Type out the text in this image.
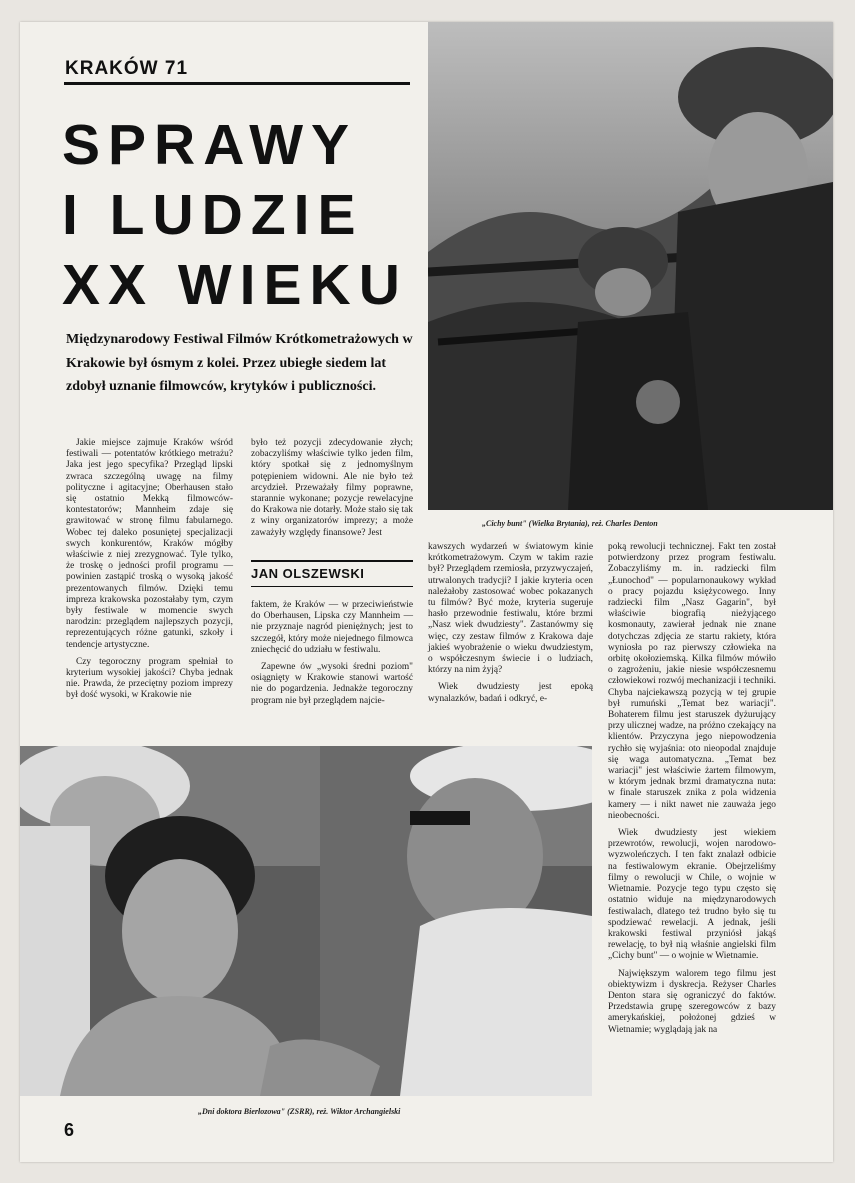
KRAKÓW 71
SPRAWY
I LUDZIE
XX WIEKU

Międzynarodowy Festiwal Filmów Krótkometrażowych w Krakowie był ósmym z kolei. Przez ubiegłe siedem lat zdobył uznanie filmowców, krytyków i publiczności.

„Cichy bunt" (Wielka Brytania), reż. Charles Denton

Jakie miejsce zajmuje Kraków wśród festiwali — potentatów krótkiego metrażu? Jaka jest jego specyfika? Przegląd lipski zwraca szczególną uwagę na filmy polityczne i agitacyjne; Oberhausen stało się ostatnio Mekką filmowców-kontestatorów; Mannheim zdaje się grawitować w stronę filmu fabularnego. Wobec tej daleko posuniętej specjalizacji swych konkurentów, Kraków mógłby właściwie z niej zrezygnować. Tyle tylko, że troskę o jedności profil programu — powinien zastąpić troską o wysoką jakość prezentowanych filmów. Dzięki temu impreza krakowska pozostałaby tym, czym były festiwale w momencie swych narodzin: przeglądem najlepszych pozycji, reprezentujących różne gatunki, szkoły i tendencje artystyczne.

Czy tegoroczny program spełniał to kryterium wysokiej jakości? Chyba jednak nie. Prawda, że przeciętny poziom imprezy był dość wysoki, w Krakowie nie

było też pozycji zdecydowanie złych; zobaczyliśmy właściwie tylko jeden film, który spotkał się z jednomyślnym potępieniem widowni. Ale nie było też arcydzieł. Przeważały filmy poprawne, starannie wykonane; pozycje rewelacyjne do Krakowa nie dotarły. Może stało się tak z winy organizatorów imprezy; a może zaważyły względy finansowe? Jest

JAN OLSZEWSKI

faktem, że Kraków — w przeciwieństwie do Oberhausen, Lipska czy Mannheim — nie przyznaje nagród pieniężnych; jest to szczegół, który może niejednego filmowca zniechęcić do udziału w festiwalu.

Zapewne ów „wysoki średni poziom" osiągnięty w Krakowie stanowi wartość nie do pogardzenia. Jednakże tegoroczny program nie był przeglądem najcie-

kawszych wydarzeń w światowym kinie krótkometrażowym. Czym w takim razie był? Przeglądem rzemiosła, przyzwyczajeń, utrwalonych tradycji? I jakie kryteria ocen należałoby zastosować wobec pokazanych tu filmów? Być może, kryteria sugeruje hasło przewodnie festiwalu, które brzmi „Nasz wiek dwudziesty". Zastanówmy się więc, czy zestaw filmów z Krakowa daje jakieś wyobrażenie o wieku dwudziestym, o współczesnym świecie i o ludziach, którzy na nim żyją?

Wiek dwudziesty jest epoką wynalazków, badań i odkryć, e-

poką rewolucji technicznej. Fakt ten został potwierdzony przez program festiwalu. Zobaczyliśmy m. in. radziecki film „Łunochod" — popularnonaukowy wykład o pracy pojazdu księżycowego. Inny radziecki film „Nasz Gagarin", był właściwie biografią nieżyjącego kosmonauty, zawierał jednak nie znane dotychczas zdjęcia ze startu rakiety, która wyniosła po raz pierwszy człowieka na orbitę okołoziemską. Kilka filmów mówiło o zagrożeniu, jakie niesie współczesnemu człowiekowi rozwój mechanizacji i techniki. Chyba najciekawszą pozycją w tej grupie był rumuński „Temat bez wariacji". Bohaterem filmu jest staruszek dyżurujący przy ulicznej wadze, na próżno czekający na klientów. Przyczyna jego niepowodzenia rychło się wyjaśnia: oto nieopodal znajduje się waga automatyczna. „Temat bez wariacji" jest właściwie żartem filmowym, w którym jednak brzmi dramatyczna nuta: w finale staruszek znika z pola widzenia kamery — i nikt nawet nie zauważa jego nieobecności.

Wiek dwudziesty jest wiekiem przewrotów, rewolucji, wojen narodowo-wyzwoleńczych. I ten fakt znalazł odbicie na festiwalowym ekranie. Obejrzeliśmy filmy o rewolucji w Chile, o wojnie w Wietnamie. Pozycje tego typu często się ostatnio widuje na międzynarodowych festiwalach, dlatego też trudno było się tu spodziewać rewelacji. A jednak, jeśli krakowski festiwal przyniósł jakąś rewelację, to był nią właśnie angielski film „Cichy bunt" — o wojnie w Wietnamie.

Największym walorem tego filmu jest obiektywizm i dyskrecja. Reżyser Charles Denton stara się ograniczyć do faktów. Przedstawia grupę szeregowców z bazy amerykańskiej, położonej gdzieś w Wietnamie; wyglądają jak na

„Dni doktora Bierłozowa" (ZSRR), reż. Wiktor Archangielski
6
